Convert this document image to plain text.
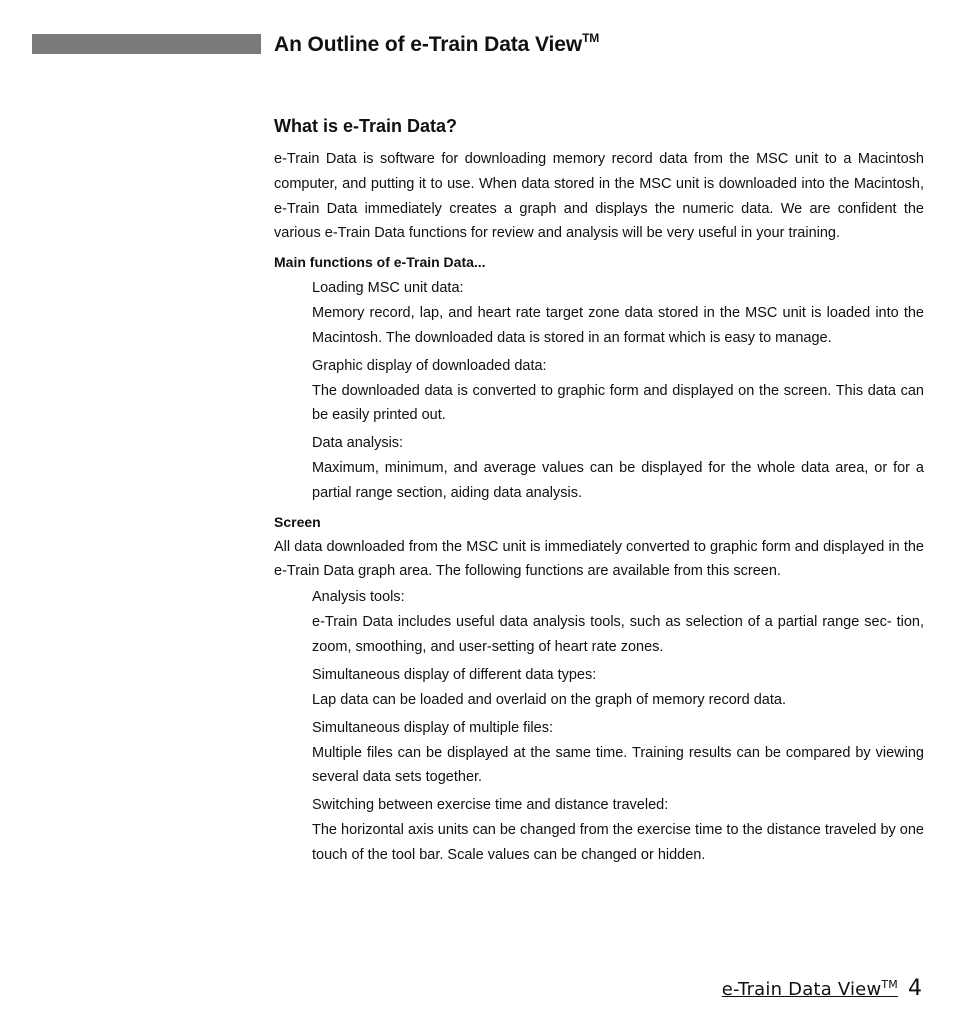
An Outline of e-Train Data View™
What is e-Train Data?

e-Train Data is software for downloading memory record data from the MSC unit to a Macintosh computer, and putting it to use. When data stored in the MSC unit is downloaded into the Macintosh, e-Train Data immediately creates a graph and displays the numeric data. We are confident the various e-Train Data functions for review and analysis will be very useful in your training.

Main functions of e-Train Data...
Loading MSC unit data:
Memory record, lap, and heart rate target zone data stored in the MSC unit is loaded into the Macintosh. The downloaded data is stored in an format which is easy to manage.
Graphic display of downloaded data:
The downloaded data is converted to graphic form and displayed on the screen. This data can be easily printed out.
Data analysis:
Maximum, minimum, and average values can be displayed for the whole data area, or for a partial range section, aiding data analysis.
Screen

All data downloaded from the MSC unit is immediately converted to graphic form and displayed in the e-Train Data graph area. The following functions are available from this screen.

Analysis tools:
e-Train Data includes useful data analysis tools, such as selection of a partial range sec- tion, zoom, smoothing, and user-setting of heart rate zones.
Simultaneous display of different data types:
Lap data can be loaded and overlaid on the graph of memory record data.
Simultaneous display of multiple files:
Multiple files can be displayed at the same time. Training results can be compared by viewing several data sets together.
Switching between exercise time and distance traveled:
The horizontal axis units can be changed from the exercise time to the distance traveled by one touch of the tool bar. Scale values can be changed or hidden.
e-Train Data View™ 4
